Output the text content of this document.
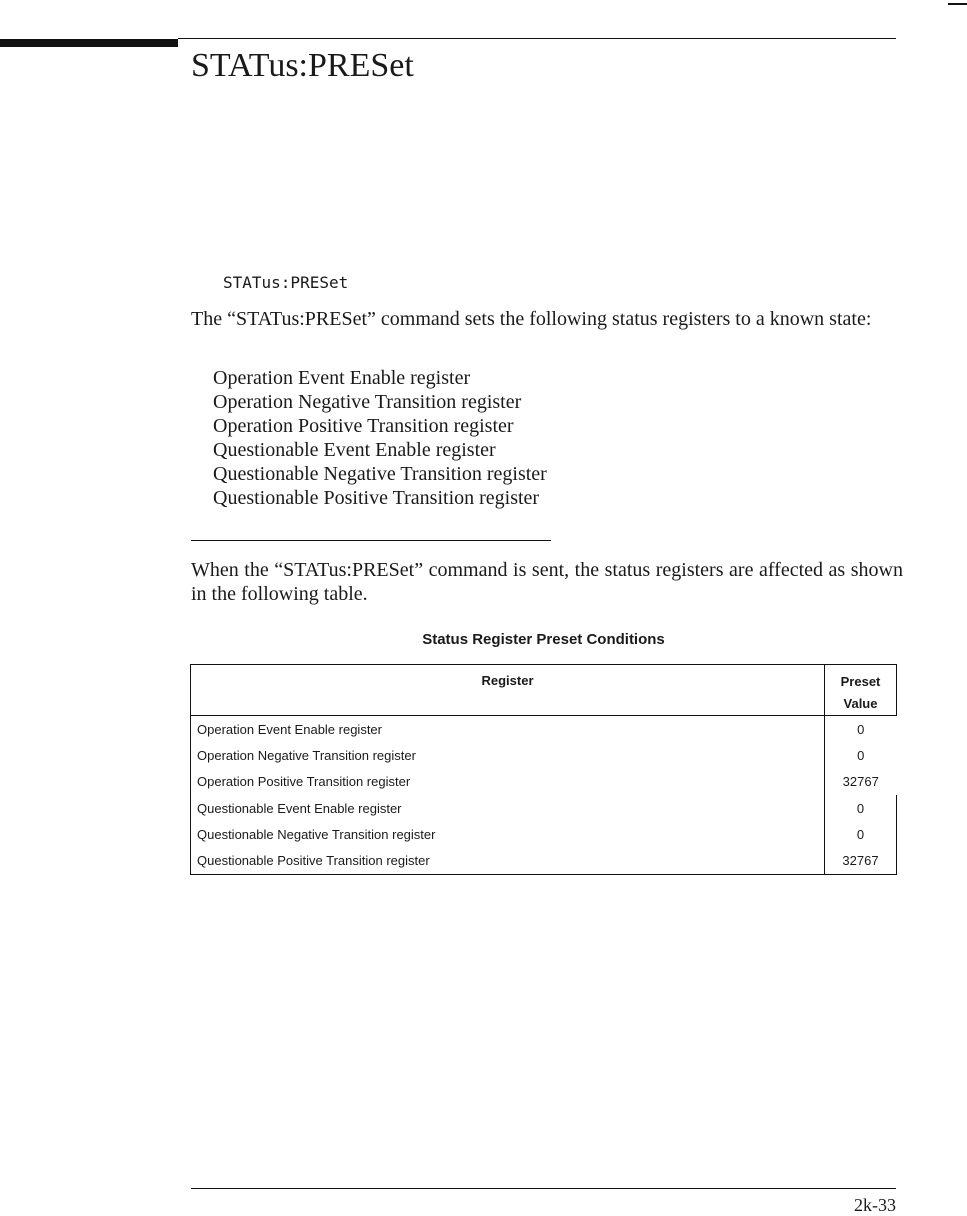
STATus:PRESet
STATus:PRESet

The “STATus:PRESet” command sets the following status registers to a known state:

Operation Event Enable register
Operation Negative Transition register
Operation Positive Transition register
Questionable Event Enable register
Questionable Negative Transition register
Questionable Positive Transition register

When the “STATus:PRESet” command is sent, the status registers are affected as shown in the following table.

Status Register Preset Conditions
Register	Preset
Value

Operation Event Enable register	0
Operation Negative Transition register	0
Operation Positive Transition register	32767
Questionable Event Enable register	0
Questionable Negative Transition register	0
Questionable Positive Transition register	32767
2k-33
